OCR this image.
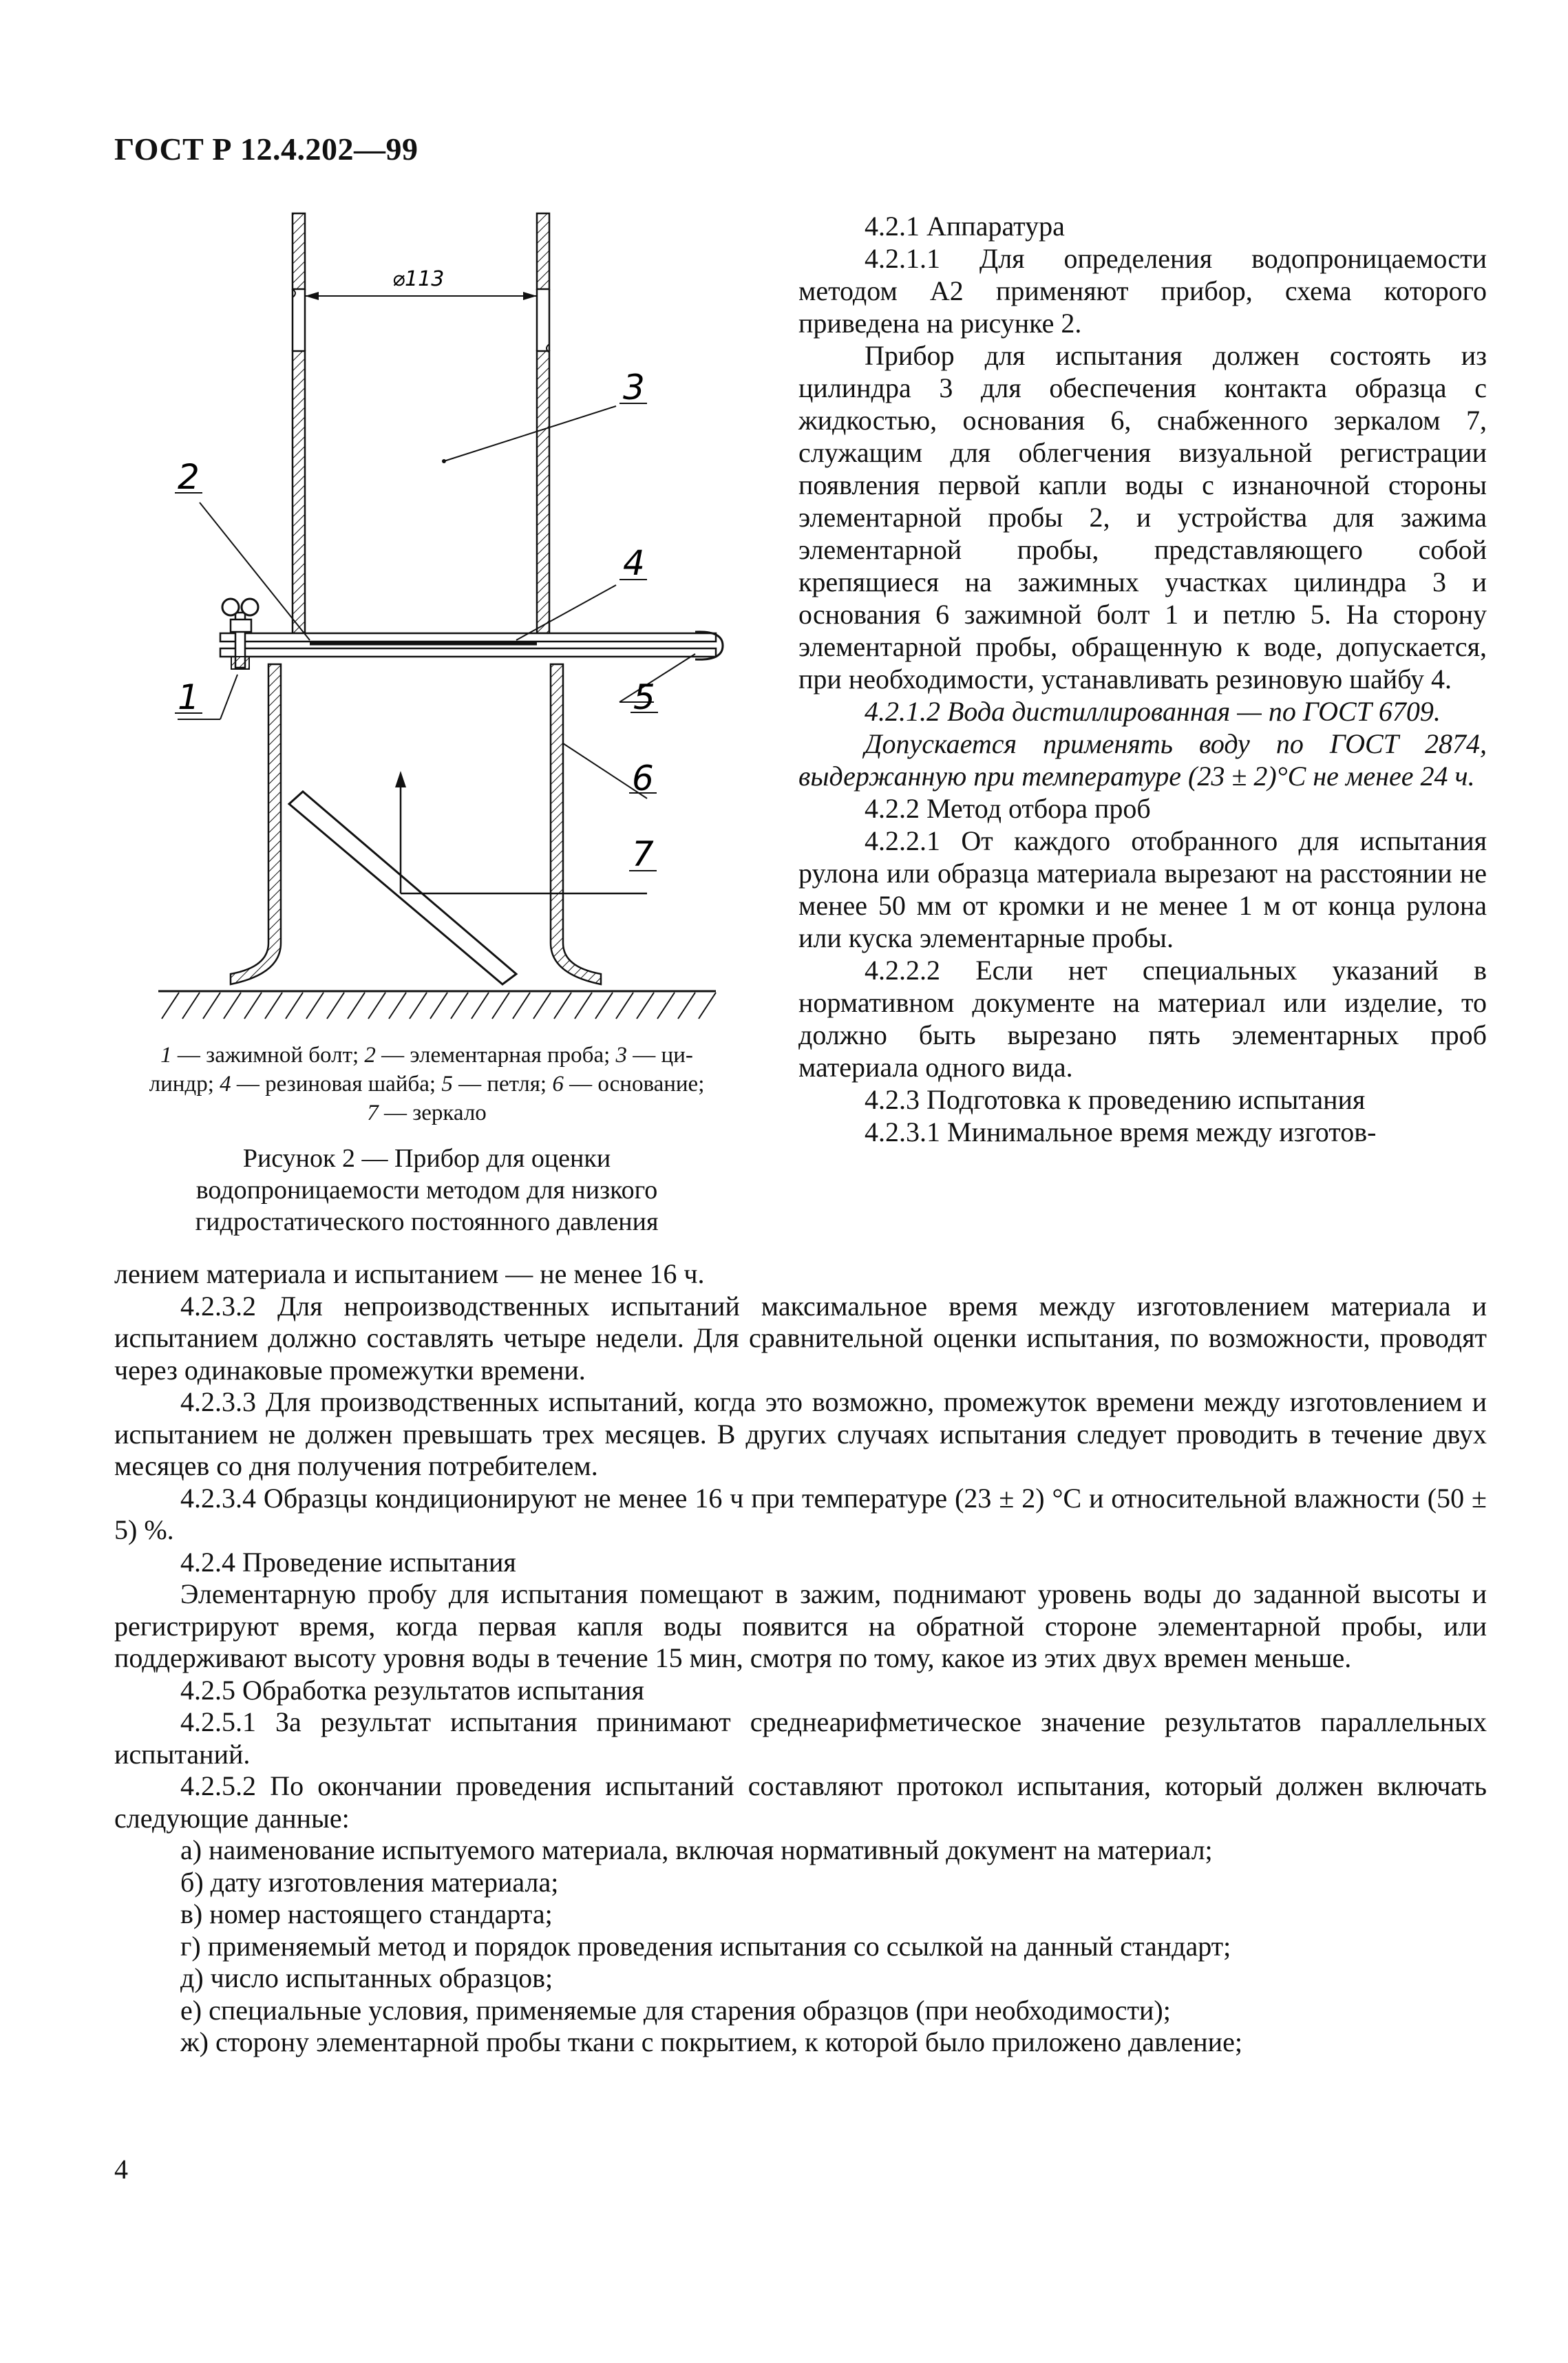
ГОСТ Р 12.4.202—99
⌀113
2
3
4
1	5
6
7
1 — зажимной болт; 2 — элементарная проба; 3 — ци-
линдр; 4 — резиновая шайба; 5 — петля; 6 — основание;
7 — зеркало
Рисунок 2 — Прибор для оценки
водопроницаемости методом для низкого
гидростатического постоянного давления

4.2.1 Аппаратура

4.2.1.1 Для определения водопроницаемости методом А2 применяют прибор, схема которого приведена на рисунке 2.

Прибор для испытания должен состоять из цилиндра 3 для обеспечения контакта образца с жидкостью, основания 6, снабженного зеркалом 7, служащим для облегчения визуальной регистрации появления первой капли воды с изнаночной стороны элементарной пробы 2, и устройства для зажима элементарной пробы, представляющего собой крепящиеся на зажимных участках цилиндра 3 и основания 6 зажимной болт 1 и петлю 5. На сторону элементарной пробы, обращенную к воде, допускается, при необходимости, устанавливать резиновую шайбу 4.

4.2.1.2 Вода дистиллированная — по ГОСТ 6709.

Допускается применять воду по ГОСТ 2874, выдержанную при температуре (23 ± 2)°С не менее 24 ч.

4.2.2 Метод отбора проб

4.2.2.1 От каждого отобранного для испытания рулона или образца материала вырезают на расстоянии не менее 50 мм от кромки и не менее 1 м от конца рулона или куска элементарные пробы.

4.2.2.2 Если нет специальных указаний в нормативном документе на материал или изделие, то должно быть вырезано пять элементарных проб материала одного вида.

4.2.3 Подготовка к проведению испытания

4.2.3.1 Минимальное время между изготов-

лением материала и испытанием — не менее 16 ч.

4.2.3.2 Для непроизводственных испытаний максимальное время между изготовлением материала и испытанием должно составлять четыре недели. Для сравнительной оценки испытания, по возможности, проводят через одинаковые промежутки времени.

4.2.3.3 Для производственных испытаний, когда это возможно, промежуток времени между изготовлением и испытанием не должен превышать трех месяцев. В других случаях испытания следует проводить в течение двух месяцев со дня получения потребителем.

4.2.3.4 Образцы кондиционируют не менее 16 ч при температуре (23 ± 2) °С и относительной влажности (50 ± 5) %.

4.2.4 Проведение испытания

Элементарную пробу для испытания помещают в зажим, поднимают уровень воды до заданной высоты и регистрируют время, когда первая капля воды появится на обратной стороне элементарной пробы, или поддерживают высоту уровня воды в течение 15 мин, смотря по тому, какое из этих двух времен меньше.

4.2.5 Обработка результатов испытания

4.2.5.1 За результат испытания принимают среднеарифметическое значение результатов параллельных испытаний.

4.2.5.2 По окончании проведения испытаний составляют протокол испытания, который должен включать следующие данные:

а) наименование испытуемого материала, включая нормативный документ на материал;

б) дату изготовления материала;

в) номер настоящего стандарта;

г) применяемый метод и порядок проведения испытания со ссылкой на данный стандарт;

д) число испытанных образцов;

е) специальные условия, применяемые для старения образцов (при необходимости);

ж) сторону элементарной пробы ткани с покрытием, к которой было приложено давление;

4
